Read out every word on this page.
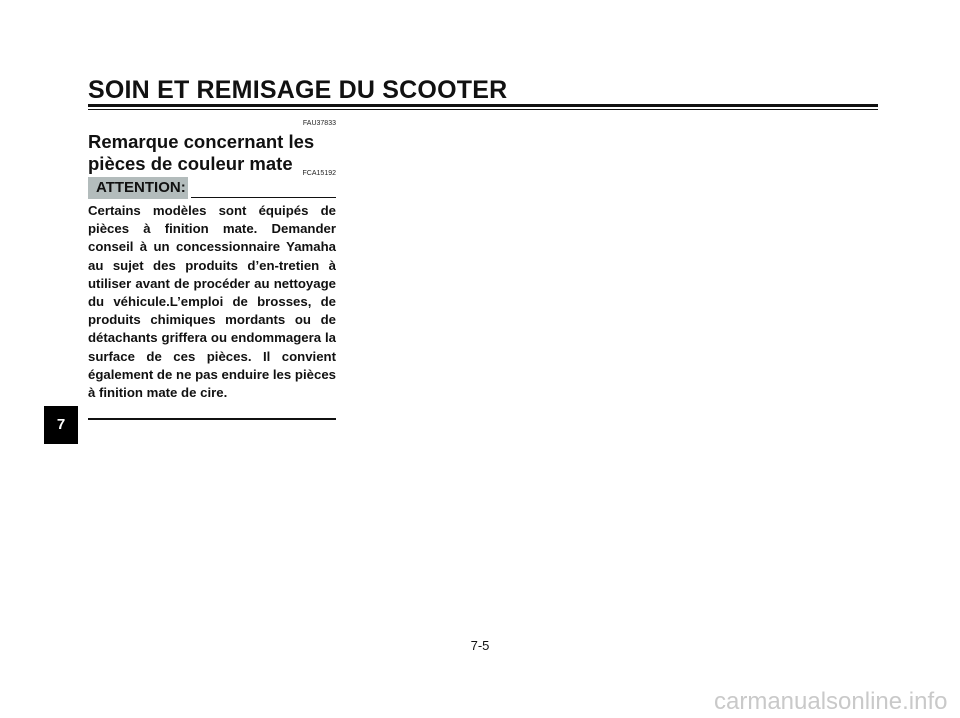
SOIN ET REMISAGE DU SCOOTER
FAU37833
Remarque concernant les pièces de couleur mate	FCA15192
ATTENTION:
Certains modèles sont équipés de pièces à finition mate. Demander conseil à un concessionnaire Yamaha au sujet des produits d’en-tretien à utiliser avant de procéder au nettoyage du véhicule.L’emploi de brosses, de produits chimiques mordants ou de détachants griffera ou endommagera la surface de ces pièces. Il convient également de ne pas enduire les pièces à finition mate de cire.
7
7-5
carmanualsonline.info
